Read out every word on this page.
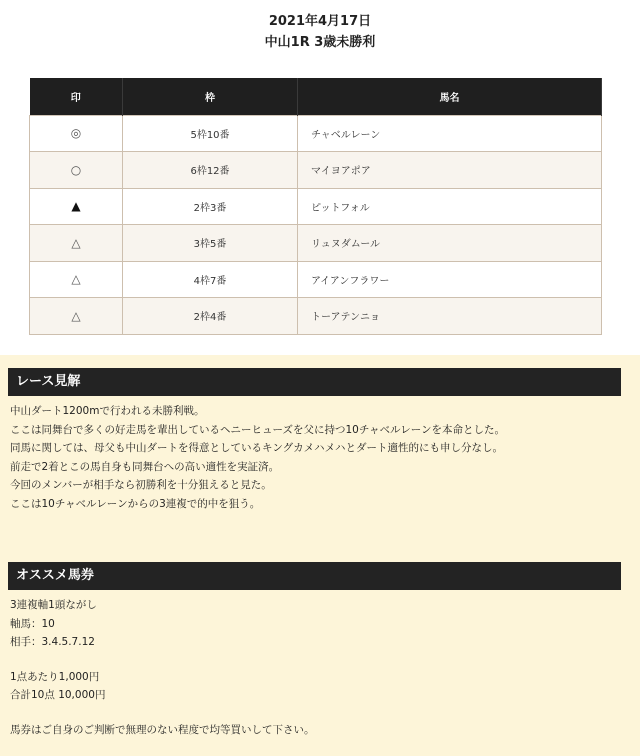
2021年4月17日
中山1R 3歳未勝利
印	枠	馬名
◎	5枠10番	チャベルレーン
○	6枠12番	マイヨアポア
▲	2枠3番	ピットフォル
△	3枠5番	リュヌダムール
△	4枠7番	アイアンフラワー
△	2枠4番	トーアテンニョ
レース見解
中山ダート1200mで行われる未勝利戦。
ここは同舞台で多くの好走馬を輩出しているヘニーヒューズを父に持つ10チャベルレーンを本命とした。
同馬に関しては、母父も中山ダートを得意としているキングカメハメハとダート適性的にも申し分なし。
前走で2着とこの馬自身も同舞台への高い適性を実証済。
今回のメンバーが相手なら初勝利を十分狙えると見た。
ここは10チャベルレーンからの3連複で的中を狙う。
オススメ馬券
3連複軸1頭ながし
軸馬：10
相手：3.4.5.7.12
1点あたり1,000円
合計10点 10,000円
馬券はご自身のご判断で無理のない程度で均等買いして下さい。
